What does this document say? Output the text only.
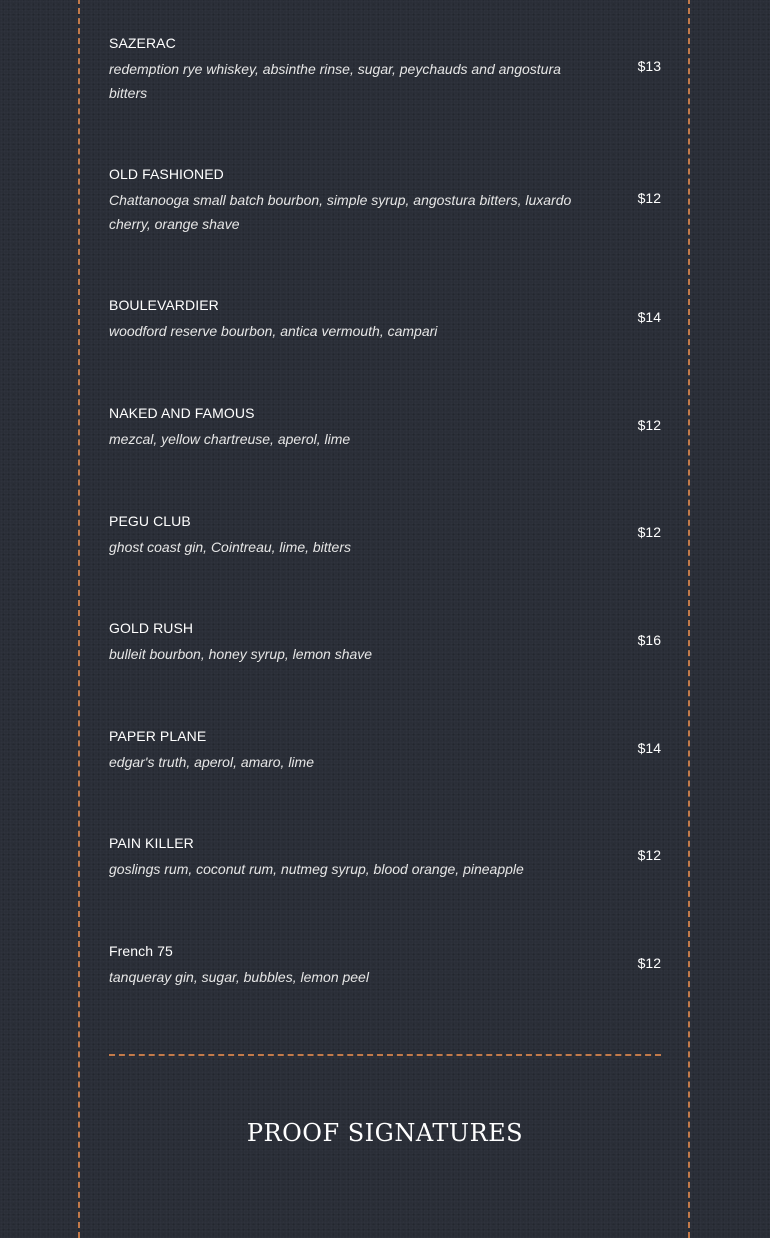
SAZERAC
redemption rye whiskey, absinthe rinse, sugar, peychauds and angostura bitters
$13
OLD FASHIONED
Chattanooga small batch bourbon, simple syrup, angostura bitters, luxardo cherry, orange shave
$12
BOULEVARDIER
woodford reserve bourbon, antica vermouth, campari
$14
NAKED AND FAMOUS
mezcal, yellow chartreuse, aperol, lime
$12
PEGU CLUB
ghost coast gin, Cointreau, lime, bitters
$12
GOLD RUSH
bulleit bourbon, honey syrup, lemon shave
$16
PAPER PLANE
edgar's truth, aperol, amaro, lime
$14
PAIN KILLER
goslings rum, coconut rum, nutmeg syrup, blood orange, pineapple
$12
French 75
tanqueray gin, sugar, bubbles, lemon peel
$12
PROOF SIGNATURES
